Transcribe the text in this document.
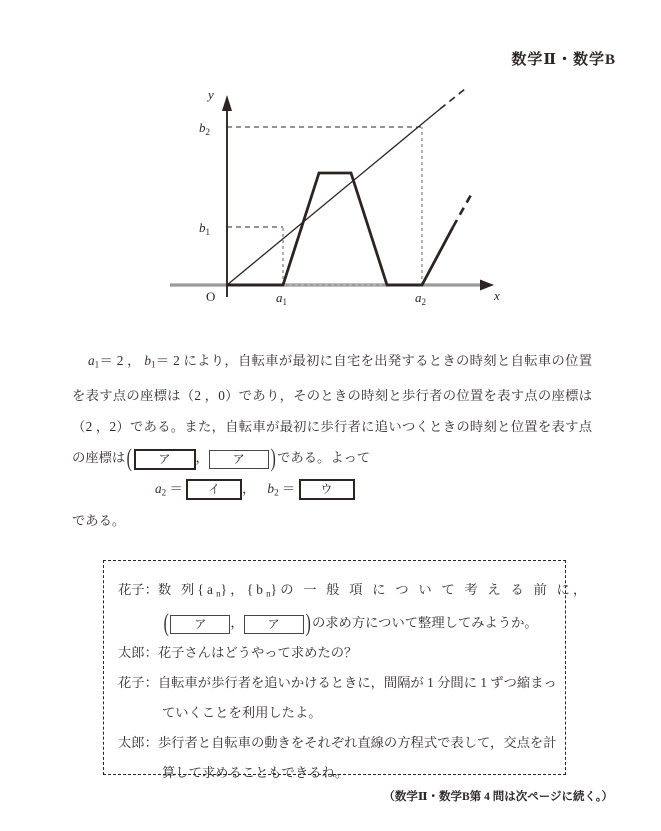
数学Ⅱ・数学B
y
x
O
$b_2$
$b_1$
$a_1$	$a_2$
$a_1= 2$ ， $b_1= 2$ により，自転車が最初に自宅を出発するときの時刻と自転車の位置を表す点の座標は（2 ，0）であり，そのときの時刻と歩行者の位置を表す点の座標は（2 ，2）である。また，自転車が最初に歩行者に追いつくときの時刻と位置を表す点の座標は( ア ， ア ) である。よって
$a_2$ ＝ イ ， $b_2$ ＝ ウ
である。
花子：数 列$\{a_n\}$，$\{b_n\}$の 一 般 項 に つ い て 考 え る 前 に，
( ア ， ア ) の求め方について整理してみようか。
太郎：花子さんはどうやって求めたの？
花子：自転車が歩行者を追いかけるときに，間隔が 1 分間に 1 ずつ縮まっ
ていくことを利用したよ。
太郎：歩行者と自転車の動きをそれぞれ直線の方程式で表して，交点を計
算して求めることもできるね。
（数学Ⅱ・数学B第 4 問は次ページに続く。）
